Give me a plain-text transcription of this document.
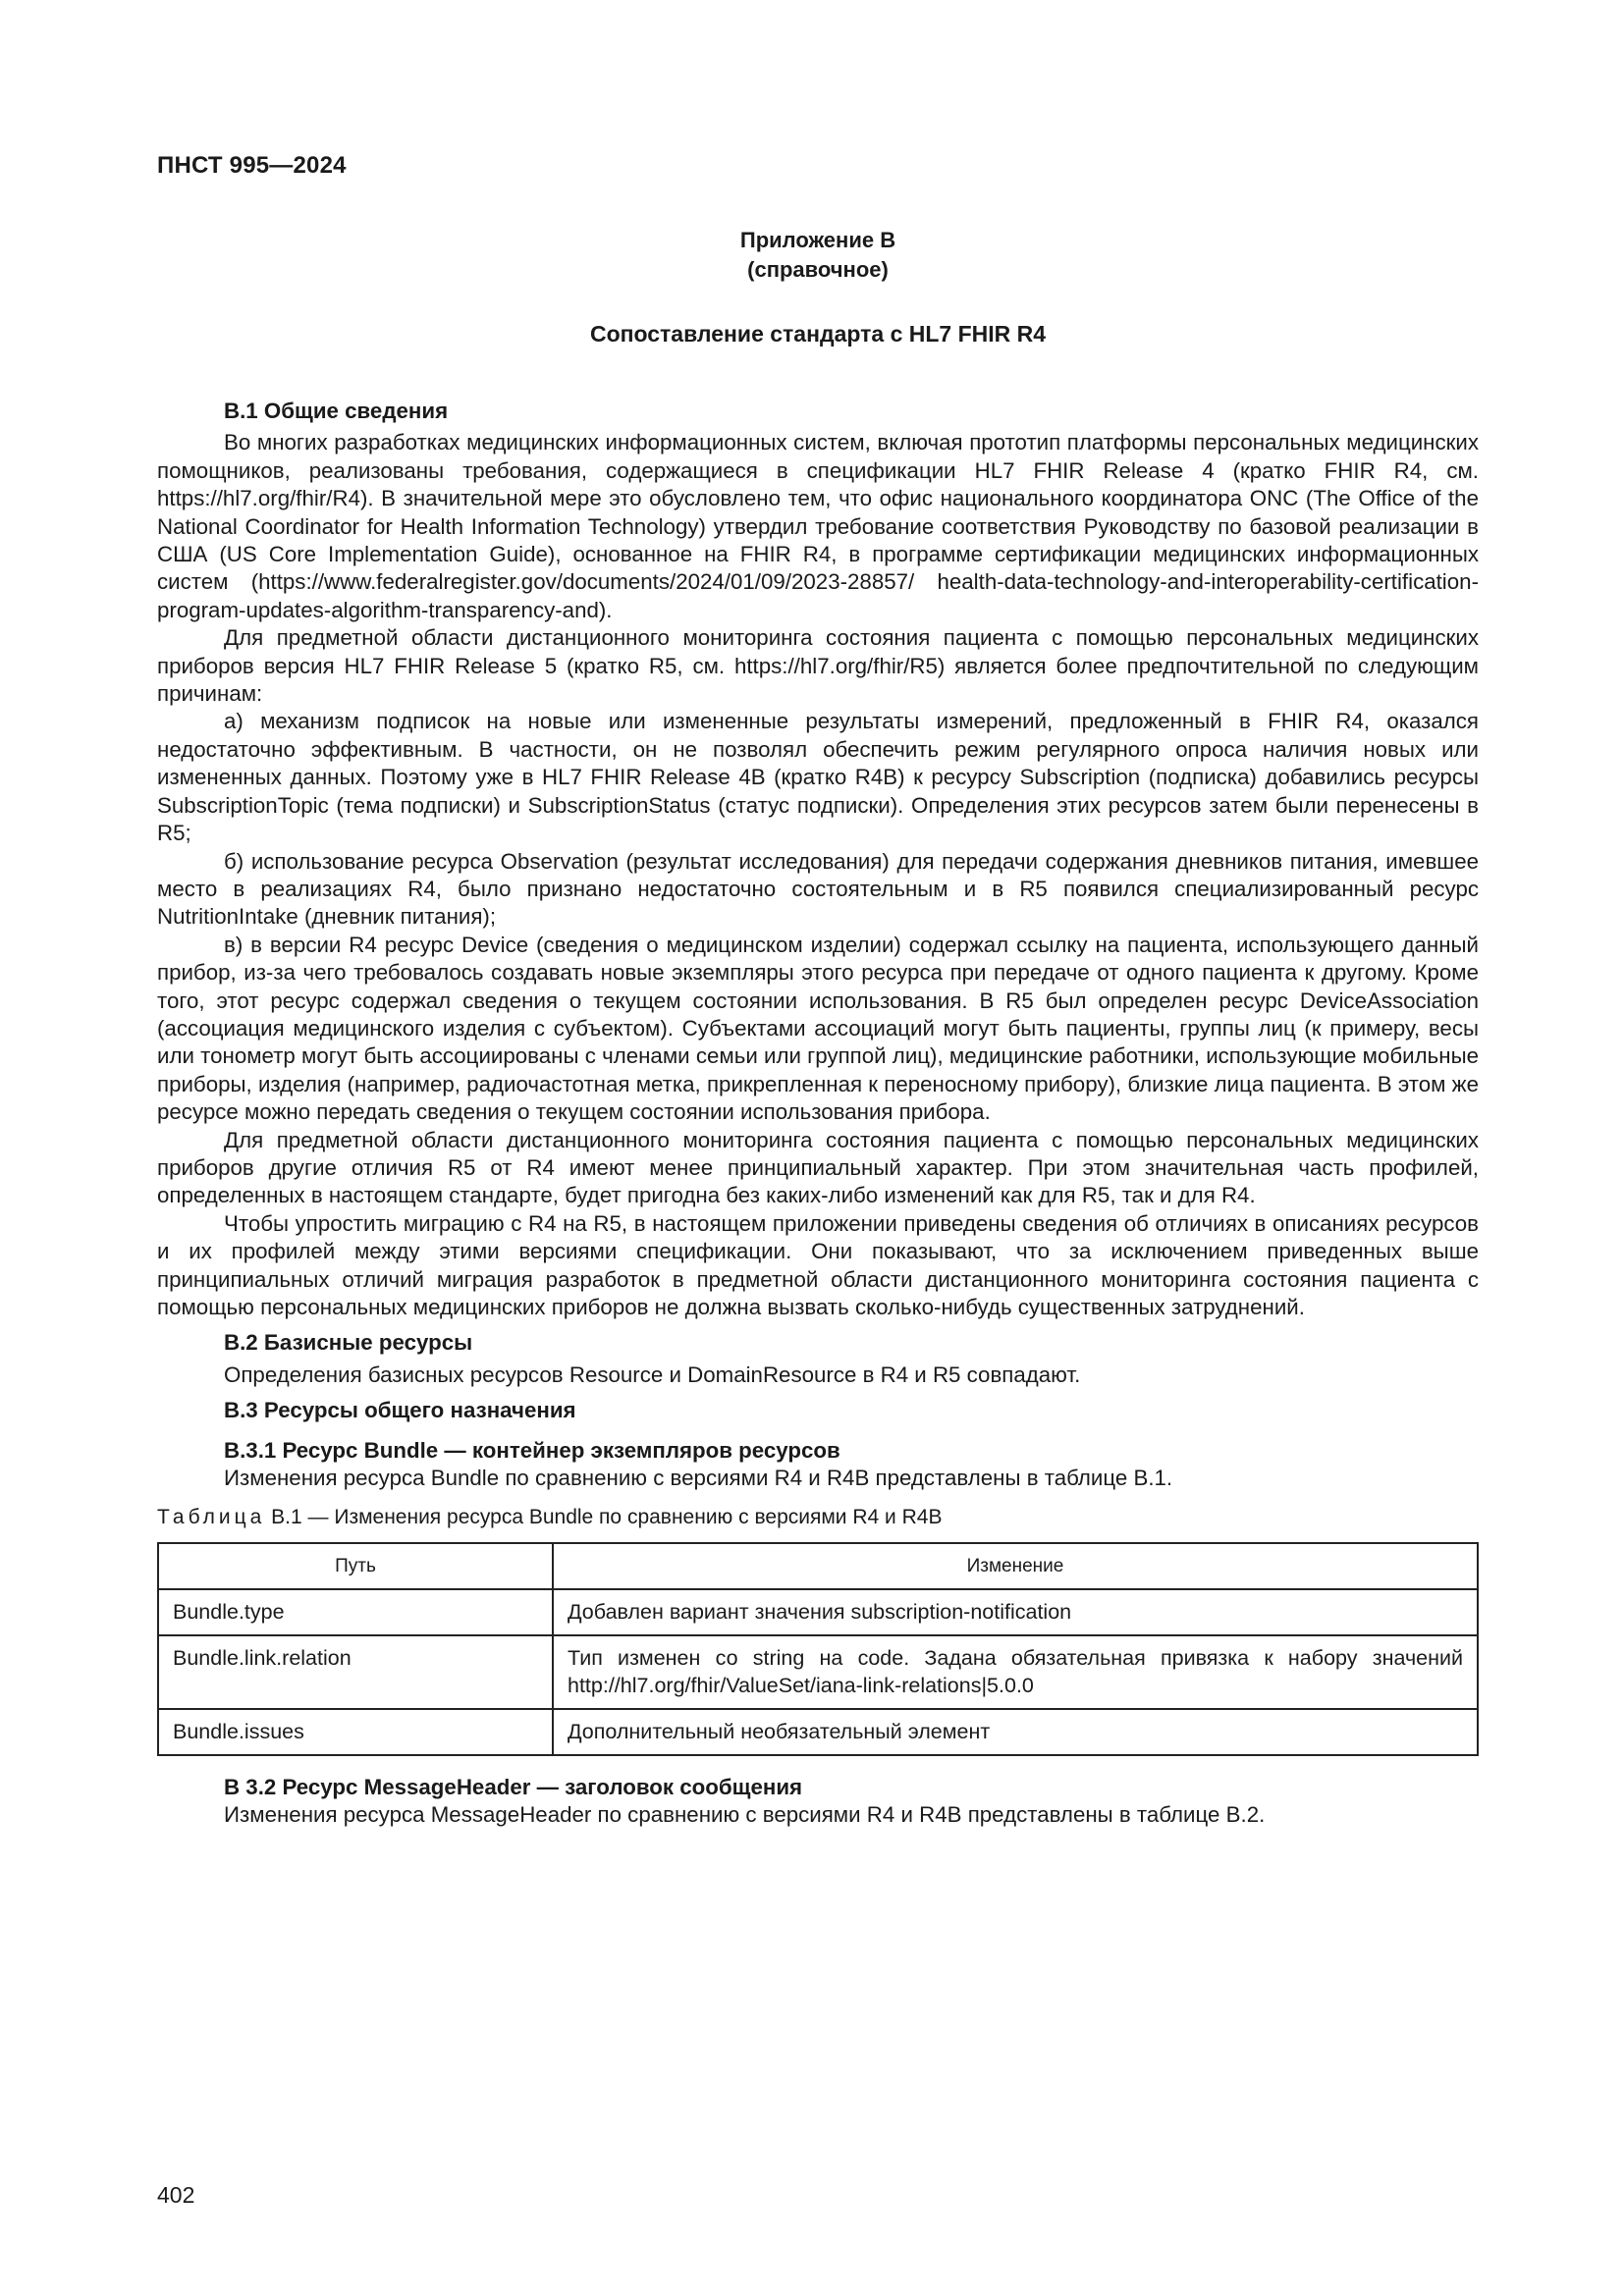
ПНСТ 995—2024
Приложение В
(справочное)
Сопоставление стандарта с HL7 FHIR R4
В.1 Общие сведения

Во многих разработках медицинских информационных систем, включая прототип платформы персональных медицинских помощников, реализованы требования, содержащиеся в спецификации HL7 FHIR Release 4 (кратко FHIR R4, см. https://hl7.org/fhir/R4). В значительной мере это обусловлено тем, что офис национального координатора ONC (The Office of the National Coordinator for Health Information Technology) утвердил требование соответствия Руководству по базовой реализации в США (US Core Implementation Guide), основанное на FHIR R4, в программе сертификации медицинских информационных систем (https://www.federalregister.gov/documents/2024/01/09/2023-28857/ health-data-technology-and-interoperability-certification-program-updates-algorithm-transparency-and).

Для предметной области дистанционного мониторинга состояния пациента с помощью персональных медицинских приборов версия HL7 FHIR Release 5 (кратко R5, см. https://hl7.org/fhir/R5) является более предпочтительной по следующим причинам:

а) механизм подписок на новые или измененные результаты измерений, предложенный в FHIR R4, оказался недостаточно эффективным. В частности, он не позволял обеспечить режим регулярного опроса наличия новых или измененных данных. Поэтому уже в HL7 FHIR Release 4B (кратко R4B) к ресурсу Subscription (подписка) добавились ресурсы SubscriptionTopic (тема подписки) и SubscriptionStatus (статус подписки). Определения этих ресурсов затем были перенесены в R5;

б) использование ресурса Observation (результат исследования) для передачи содержания дневников питания, имевшее место в реализациях R4, было признано недостаточно состоятельным и в R5 появился специализированный ресурс NutritionIntake (дневник питания);

в) в версии R4 ресурс Device (сведения о медицинском изделии) содержал ссылку на пациента, использующего данный прибор, из-за чего требовалось создавать новые экземпляры этого ресурса при передаче от одного пациента к другому. Кроме того, этот ресурс содержал сведения о текущем состоянии использования. В R5 был определен ресурс DeviceAssociation (ассоциация медицинского изделия с субъектом). Субъектами ассоциаций могут быть пациенты, группы лиц (к примеру, весы или тонометр могут быть ассоциированы с членами семьи или группой лиц), медицинские работники, использующие мобильные приборы, изделия (например, радиочастотная метка, прикрепленная к переносному прибору), близкие лица пациента. В этом же ресурсе можно передать сведения о текущем состоянии использования прибора.

Для предметной области дистанционного мониторинга состояния пациента с помощью персональных медицинских приборов другие отличия R5 от R4 имеют менее принципиальный характер. При этом значительная часть профилей, определенных в настоящем стандарте, будет пригодна без каких-либо изменений как для R5, так и для R4.

Чтобы упростить миграцию с R4 на R5, в настоящем приложении приведены сведения об отличиях в описаниях ресурсов и их профилей между этими версиями спецификации. Они показывают, что за исключением приведенных выше принципиальных отличий миграция разработок в предметной области дистанционного мониторинга состояния пациента с помощью персональных медицинских приборов не должна вызвать сколько-нибудь существенных затруднений.

В.2 Базисные ресурсы

Определения базисных ресурсов Resource и DomainResource в R4 и R5 совпадают.

В.3 Ресурсы общего назначения
В.3.1 Ресурс Bundle — контейнер экземпляров ресурсов

Изменения ресурса Bundle по сравнению с версиями R4 и R4B представлены в таблице В.1.

Таблица В.1 — Изменения ресурса Bundle по сравнению с версиями R4 и R4B
Путь	Изменение
Bundle.type	Добавлен вариант значения subscription-notification
Bundle.link.relation	Тип изменен со string на code. Задана обязательная привязка к набору значений http://hl7.org/fhir/ValueSet/iana-link-relations|5.0.0
Bundle.issues	Дополнительный необязательный элемент
В 3.2 Ресурс MessageHeader — заголовок сообщения

Изменения ресурса MessageHeader по сравнению с версиями R4 и R4B представлены в таблице В.2.

402
